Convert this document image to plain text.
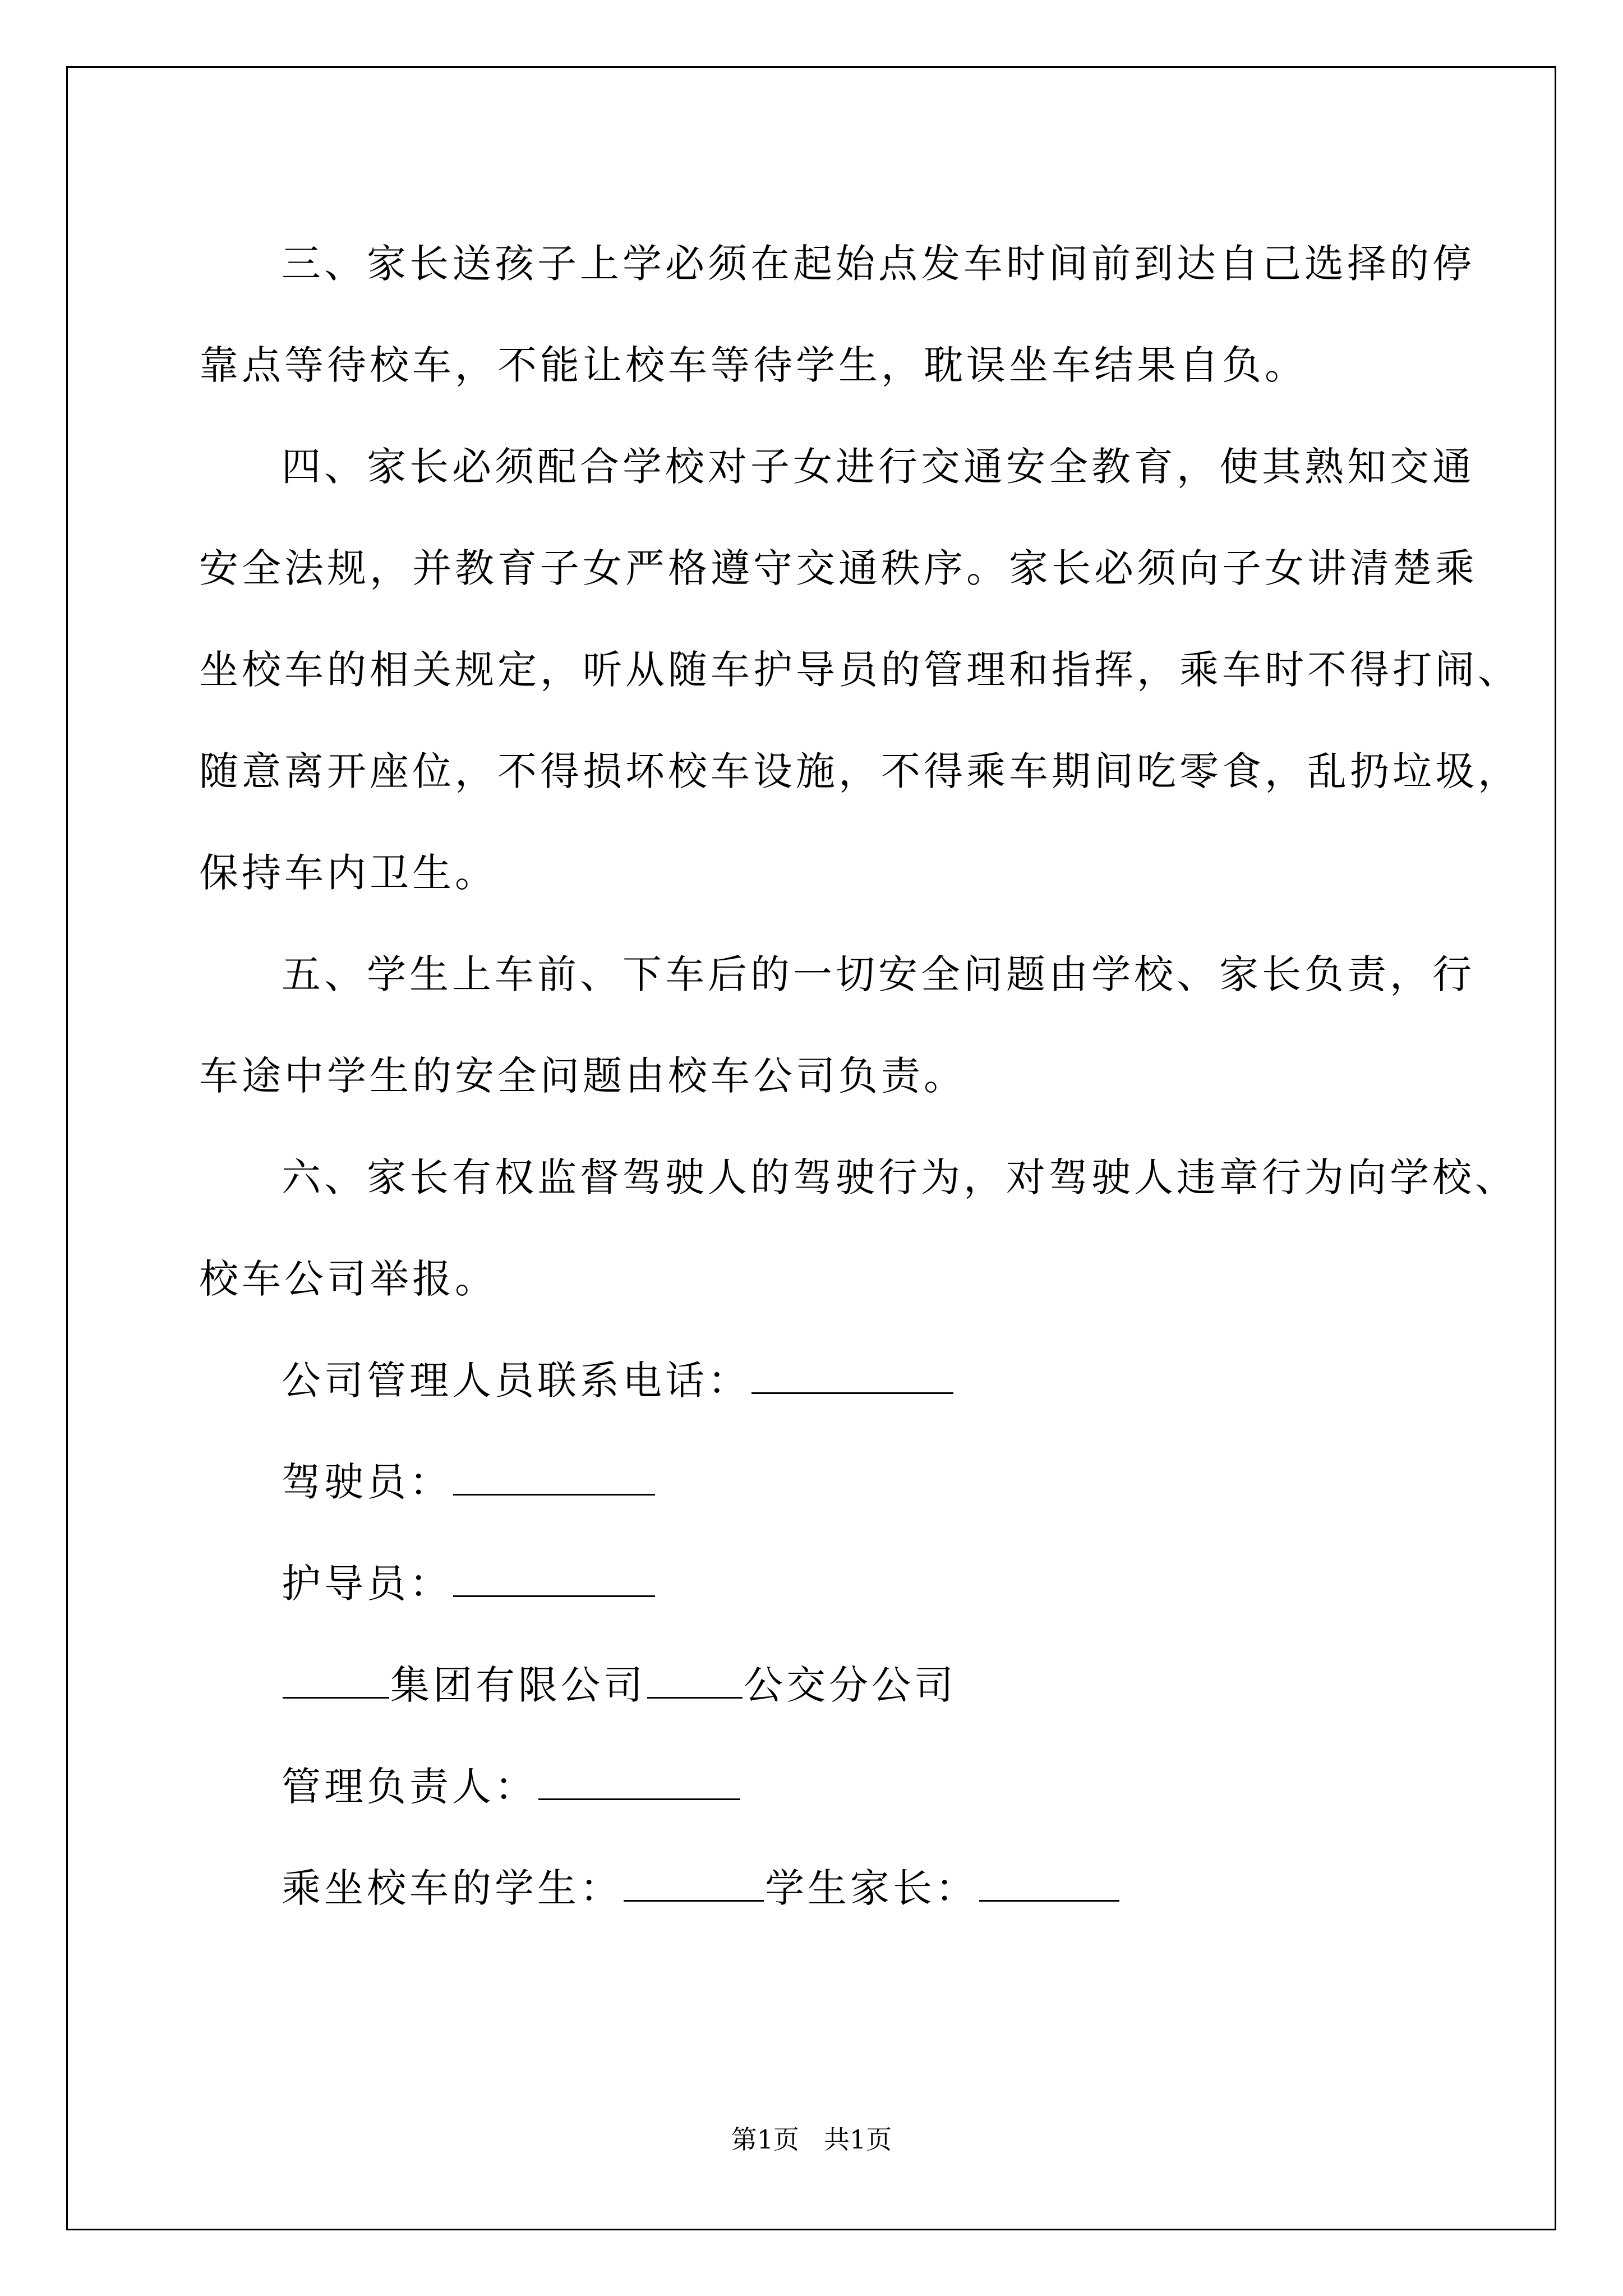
三、家长送孩子上学必须在起始点发车时间前到达自己选择的停
靠点等待校车，不能让校车等待学生，耽误坐车结果自负。

四、家长必须配合学校对子女进行交通安全教育，使其熟知交通
安全法规，并教育子女严格遵守交通秩序。家长必须向子女讲清楚乘
坐校车的相关规定，听从随车护导员的管理和指挥，乘车时不得打闹、
随意离开座位，不得损坏校车设施，不得乘车期间吃零食，乱扔垃圾，
保持车内卫生。

五、学生上车前、下车后的一切安全问题由学校、家长负责，行
车途中学生的安全问题由校车公司负责。

六、家长有权监督驾驶人的驾驶行为，对驾驶人违章行为向学校、
校车公司举报。

公司管理人员联系电话：
驾驶员：
护导员：
集团有限公司 公交分公司
管理负责人：
乘坐校车的学生：	学生家长：
第1页 共1页
